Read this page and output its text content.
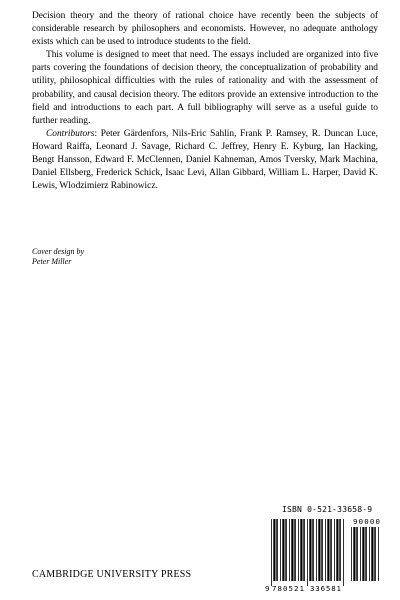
Decision theory and the theory of rational choice have recently been the subjects of considerable research by philosophers and economists. However, no adequate anthology exists which can be used to introduce students to the field.

This volume is designed to meet that need. The essays included are organized into five parts covering the foundations of decision theory, the conceptualization of probability and utility, philosophical difficulties with the rules of rationality and with the assessment of probability, and causal decision theory. The editors provide an extensive introduction to the field and introductions to each part. A full bibliography will serve as a useful guide to further reading.

Contributors: Peter Gärdenfors, Nils-Eric Sahlin, Frank P. Ramsey, R. Duncan Luce, Howard Raiffa, Leonard J. Savage, Richard C. Jeffrey, Henry E. Kyburg, Ian Hacking, Bengt Hansson, Edward F. McClennen, Daniel Kahneman, Amos Tversky, Mark Machina, Daniel Ellsberg, Frederick Schick, Isaac Levi, Allan Gibbard, William L. Harper, David K. Lewis, Wlodzimierz Rabinowicz.

Cover design by
Peter Miller
ISBN 0-521-33658-9
9 780521 336581
90000
CAMBRIDGE UNIVERSITY PRESS
